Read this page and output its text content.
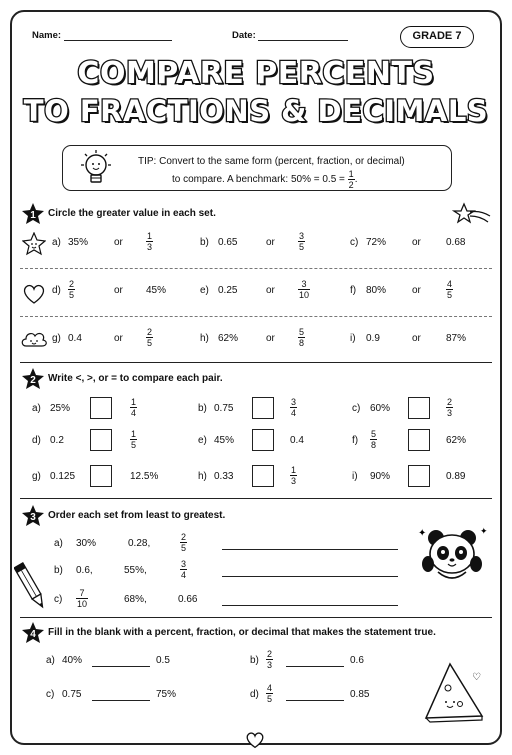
Name:	Date:	GRADE 7
COMPARE PERCENTS
TO FRACTIONS & DECIMALS
TIP: Convert to the same form (percent, fraction, or decimal)
to compare. A benchmark: $50\% = 0.5 = \frac{1}{2}$ .
1 Circle the greater value in each set.
2 Write <, >, or = to compare each pair.
3 Order each set from least to greatest.
4 Fill in the blank with a percent, fraction, or decimal that makes the statement true.
a) 35%	or	$\frac{1}{3}$	b) 0.65	or	$\frac{3}{5}$	c) 72%	or	0.68
$d) \frac{2}{5}$	or 45%	e) 0.25	or	$\frac{3}{10}$	f) 80%	or	$\frac{4}{5}$
g) 0.4	or	$\frac{2}{5}$	h) 62%	or	$\frac{5}{8}$	i) 0.9	or	87%
a) 25%	$\frac{1}{4}$	b) 0.75	$\frac{3}{4}$	c) 60%	$\frac{2}{3}$
d) 0.2	$\frac{1}{5}$	e) 45%	0.4	$f) \frac{5}{8}$	62%
g) 0.125	12.5%	h) 0.33	$\frac{1}{3}$	i) 90%	0.89
a) 30%	0.28,	$\frac{2}{5}$
b) 0.6,	55%,	$\frac{3}{4}$
$c) \frac{7}{10}$	68%,	0.66
a) 40%	0.5	$b) \frac{2}{3}$	0.6
c) 0.75	75%	$d) \frac{4}{5}$	0.85
✦	✦
♡
